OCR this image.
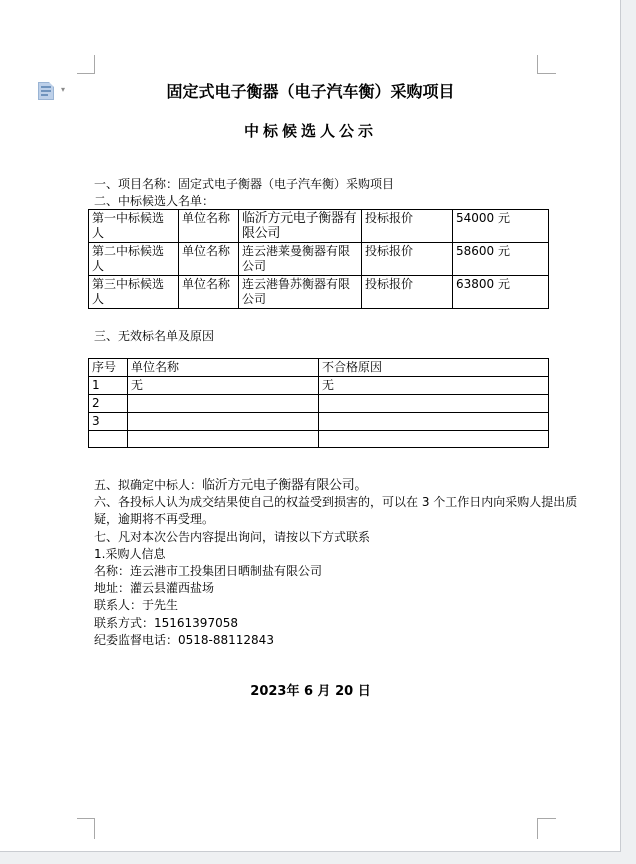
▾	固定式电子衡器（电子汽车衡）采购项目
中标候选人公示
一、项目名称：固定式电子衡器（电子汽车衡）采购项目
二、中标候选人名单：
第一中标候选人	单位名称	临沂方元电子衡器有限公司	投标报价	54000 元
第二中标候选人	单位名称	连云港莱曼衡器有限公司	投标报价	58600 元
第三中标候选人	单位名称	连云港鲁苏衡器有限公司	投标报价	63800 元
三、无效标名单及原因
序号	单位名称	不合格原因
1	无	无
2		
3		

五、拟确定中标人：临沂方元电子衡器有限公司。
六、各投标人认为成交结果使自己的权益受到损害的，可以在 3 个工作日内向采购人提出质
疑，逾期将不再受理。
七、凡对本次公告内容提出询问，请按以下方式联系
1.采购人信息
名称：连云港市工投集团日晒制盐有限公司
地址：灌云县灌西盐场
联系人：于先生
联系方式：15161397058
纪委监督电话：0518-88112843
2023年 6 月 20 日
